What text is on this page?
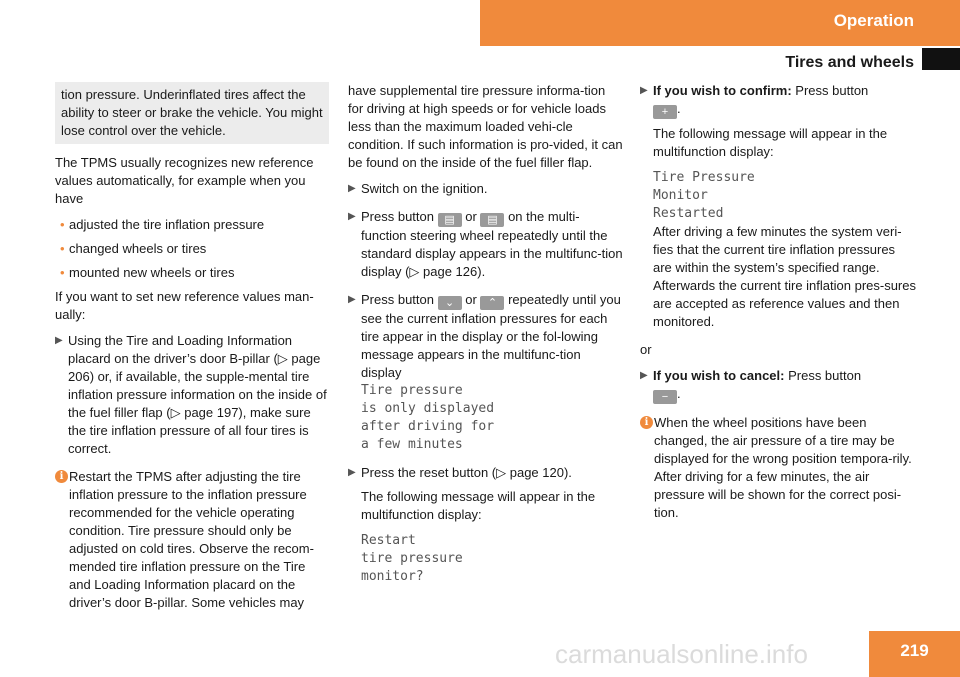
Operation
Tires and wheels
tion pressure. Underinflated tires affect the ability to steer or brake the vehicle. You might lose control over the vehicle.

The TPMS usually recognizes new reference values automatically, for example when you have

• adjusted the tire inflation pressure
• changed wheels or tires
• mounted new wheels or tires

If you want to set new reference values man-ually:

▶ Using the Tire and Loading Information placard on the driver’s door B-pillar (▷ page 206) or, if available, the supple-mental tire inflation pressure information on the inside of the fuel filler flap (▷ page 197), make sure the tire inflation pressure of all four tires is correct.
i Restart the TPMS after adjusting the tire inflation pressure to the inflation pressure recommended for the vehicle operating condition. Tire pressure should only be adjusted on cold tires. Observe the recom-mended tire inflation pressure on the Tire and Loading Information placard on the driver’s door B-pillar. Some vehicles may

have supplemental tire pressure informa-tion for driving at high speeds or for vehicle loads less than the maximum loaded vehi-cle condition. If such information is pro-vided, it can be found on the inside of the fuel filler flap.

▶ Switch on the ignition.
▶ Press button ▤ or ▤ on the multi-function steering wheel repeatedly until the standard display appears in the multifunc-tion display (▷ page 126).
▶ Press button ⌄ or ⌃ repeatedly until you see the current inflation pressures for each tire appear in the display or the fol-lowing message appears in the multifunc-tion display
Tire pressure
is only displayed
after driving for
a few minutes
▶ Press the reset button (▷ page 120).

The following message will appear in the multifunction display:

Restart
tire pressure
monitor?
▶ If you wish to confirm: Press button
+ .

The following message will appear in the multifunction display:

Tire Pressure
Monitor
Restarted

After driving a few minutes the system veri-fies that the current tire inflation pressures are within the system’s specified range. Afterwards the current tire inflation pres-sures are accepted as reference values and then monitored.

or

▶ If you wish to cancel: Press button
− .
i When the wheel positions have been changed, the air pressure of a tire may be displayed for the wrong position tempora-rily. After driving for a few minutes, the air pressure will be shown for the correct posi-tion.
219
carmanualsonline.info
